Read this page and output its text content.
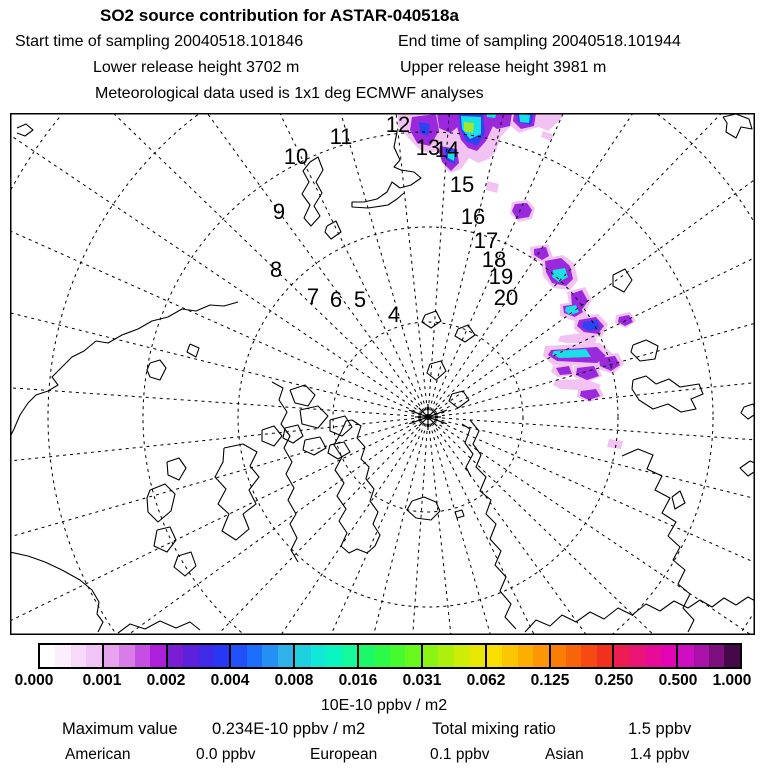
SO2 source contribution for ASTAR-040518a
Start time of sampling 20040518.101846	End time of sampling 20040518.101944
Lower release height 3702 m	Upper release height 3981 m
Meteorological data used is 1x1 deg ECMWF analyses
4
5
6
7
8
9
10
11 12
13
14
15
16
17
18
19
20
0.000 0.001 0.002 0.004 0.008 0.016 0.031 0.062 0.125 0.250 0.500 1.000
10E-10 ppbv / m2
Maximum value 0.234E-10 ppbv / m2	Total mixing ratio	1.5 ppbv
American	0.0 ppbv	European	0.1 ppbv	Asian	1.4 ppbv
